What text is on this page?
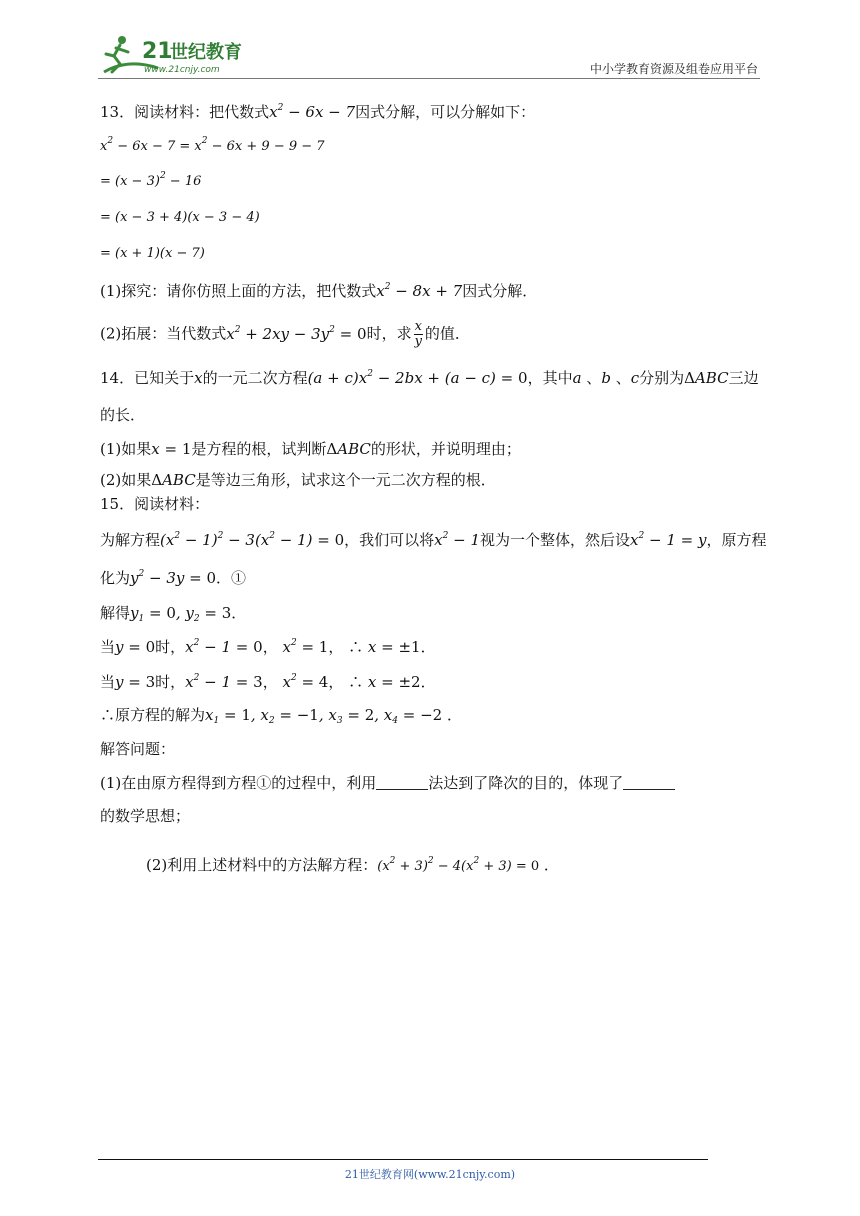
21
世纪教育
www.21cnjy.com	中小学教育资源及组卷应用平台
13．阅读材料：把代数式$x^2 - 6x - 7$因式分解，可以分解如下：
$x^2 - 6x - 7 = x^2 - 6x + 9 - 9 - 7$
= $(x - 3)^2 - 16$
= (x − 3 + 4)(x − 3 − 4)
= (x + 1)(x − 7)
(1)探究：请你仿照上面的方法，把代数式$x^2 - 8x + 7$因式分解．
(2)拓展：当代数式$x^2 + 2xy - 3y^2 = 0$时，求 $\frac{x}{y}$ 的值．
14．已知关于x的一元二次方程$(a + c)x^2 - 2bx + (a - c) = 0$，其中a 、b 、c分别为ΔABC三边
的长．
(1)如果x = 1是方程的根，试判断ΔABC的形状，并说明理由；
(2)如果ΔABC是等边三角形，试求这个一元二次方程的根．
15．阅读材料：
为解方程$(x^2 - 1)^2 - 3(x^2 - 1) = 0$，我们可以将$x^2 - 1$视为一个整体，然后设$x^2 - 1 = y$，原方程
化为$y^2 - 3y = 0$．①
解得$y_1 = 0$, $y_2 = 3$．
当y = 0时，$x^2 - 1 = 0$， $x^2 = 1$， ∴ x = ±1．
当y = 3时，$x^2 - 1 = 3$， $x^2 = 4$， ∴ x = ±2．
∴原方程的解为$x_1 = 1$, $x_2 = -1$, $x_3 = 2$, $x_4 = -2$ ．
解答问题：
(1)在由原方程得到方程①的过程中，利用	法达到了降次的目的，体现了
的数学思想；
(2)利用上述材料中的方法解方程：$(x^2 + 3)^2 - 4(x^2 + 3) = 0$ ．
21世纪教育网(www.21cnjy.com)
